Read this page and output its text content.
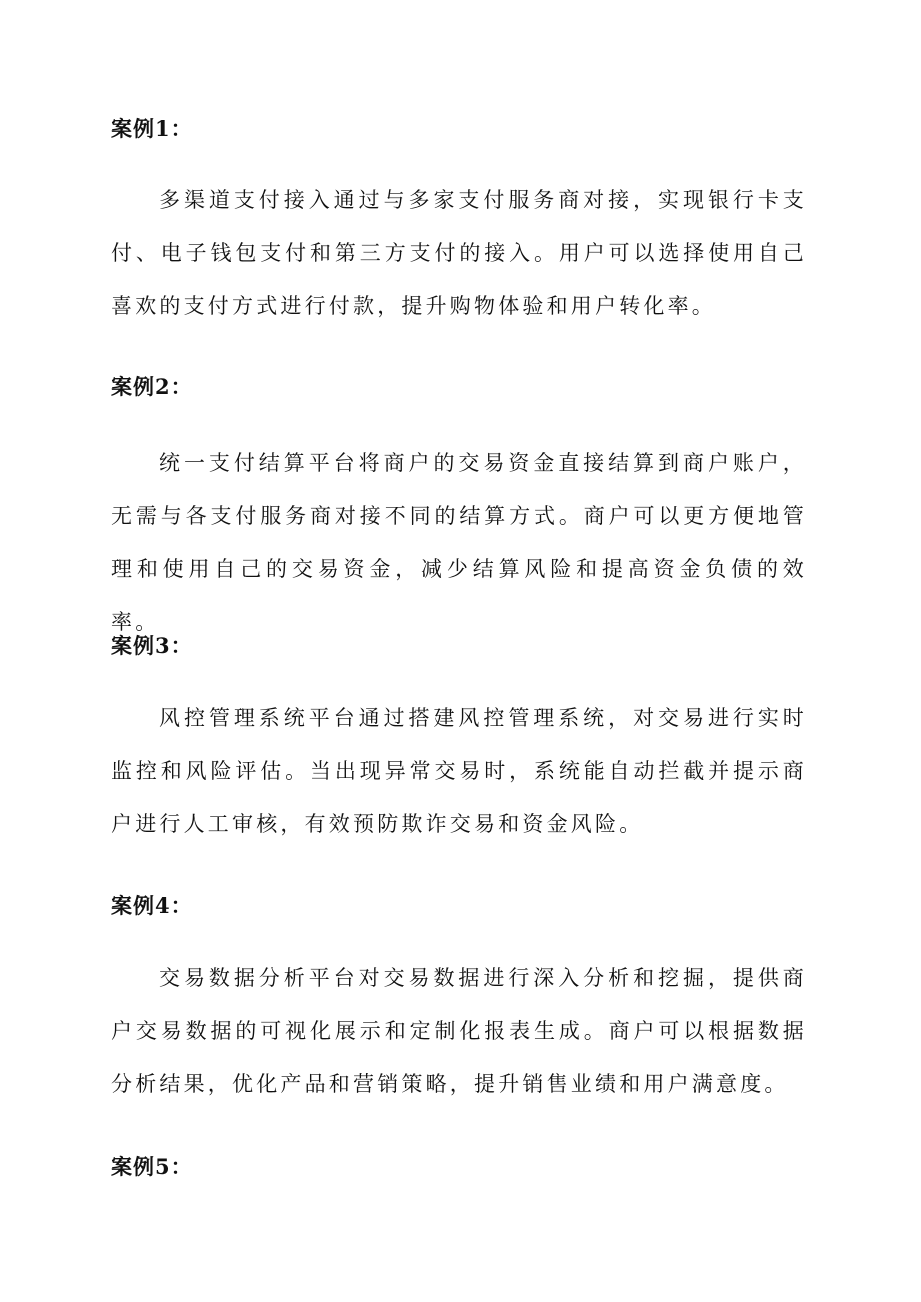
案例1：

多渠道支付接入通过与多家支付服务商对接，实现银行卡支付、电子钱包支付和第三方支付的接入。用户可以选择使用自己喜欢的支付方式进行付款，提升购物体验和用户转化率。

案例2：

统一支付结算平台将商户的交易资金直接结算到商户账户，无需与各支付服务商对接不同的结算方式。商户可以更方便地管理和使用自己的交易资金，减少结算风险和提高资金负债的效率。

案例3：

风控管理系统平台通过搭建风控管理系统，对交易进行实时监控和风险评估。当出现异常交易时，系统能自动拦截并提示商户进行人工审核，有效预防欺诈交易和资金风险。

案例4：

交易数据分析平台对交易数据进行深入分析和挖掘，提供商户交易数据的可视化展示和定制化报表生成。商户可以根据数据分析结果，优化产品和营销策略，提升销售业绩和用户满意度。

案例5：
